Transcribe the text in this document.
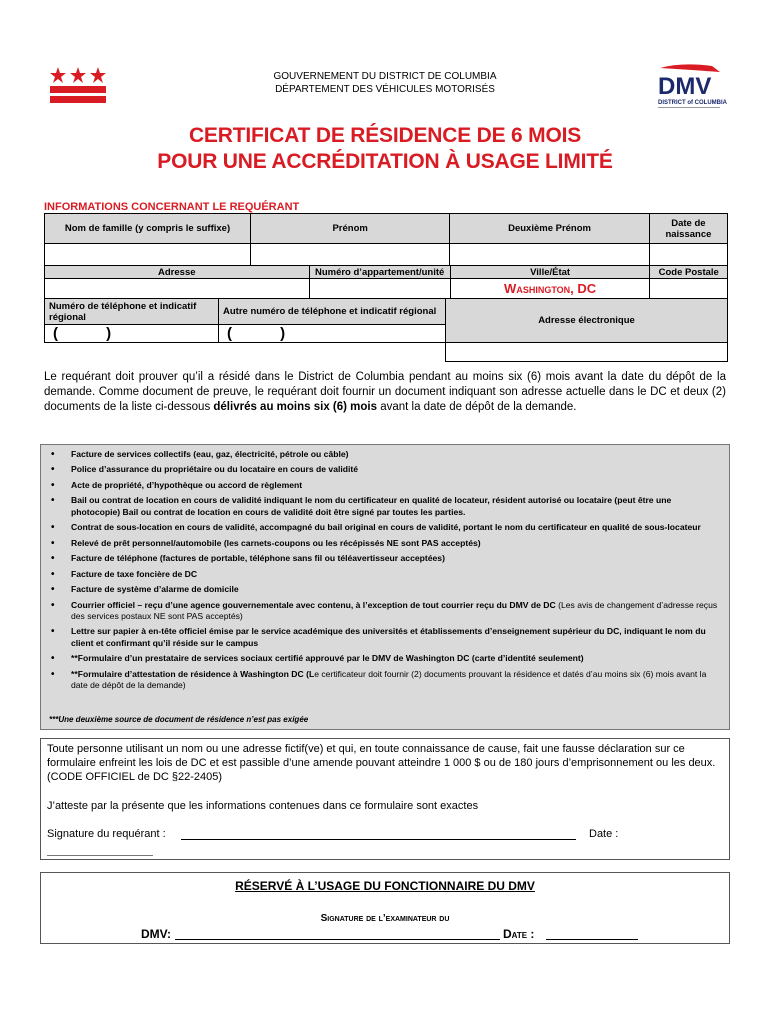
GOUVERNEMENT DU DISTRICT DE COLUMBIA
DÉPARTEMENT DES VÉHICULES MOTORISÉS	DMV
DISTRICT of COLUMBIA
CERTIFICAT DE RÉSIDENCE DE 6 MOIS
POUR UNE ACCRÉDITATION À USAGE LIMITÉ
INFORMATIONS CONCERNANT LE REQUÉRANT
Nom de famille (y compris le suffixe)	Prénom	Deuxième Prénom	Date de naissance

Adresse	Numéro d’appartement/unité	Ville/État	Code Postale
		Washington, DC	
Numéro de téléphone et indicatif régional	Autre numéro de téléphone et indicatif régional	Adresse électronique
( )	( )	

Le requérant doit prouver qu’il a résidé dans le District de Columbia pendant au moins six (6) mois avant la date du dépôt de la demande. Comme document de preuve, le requérant doit fournir un document indiquant son adresse actuelle dans le DC et deux (2) documents de la liste ci-dessous délivrés au moins six (6) mois avant la date de dépôt de la demande.
• Facture de services collectifs (eau, gaz, électricité, pétrole ou câble)
• Police d’assurance du propriétaire ou du locataire en cours de validité
• Acte de propriété, d’hypothèque ou accord de règlement
• Bail ou contrat de location en cours de validité indiquant le nom du certificateur en qualité de locateur, résident autorisé ou locataire (peut être une photocopie) Bail ou contrat de location en cours de validité doit être signé par toutes les parties.
• Contrat de sous-location en cours de validité, accompagné du bail original en cours de validité, portant le nom du certificateur en qualité de sous-locateur
• Relevé de prêt personnel/automobile (les carnets-coupons ou les récépissés NE sont PAS acceptés)
• Facture de téléphone (factures de portable, téléphone sans fil ou téléavertisseur acceptées)
• Facture de taxe foncière de DC
• Facture de système d’alarme de domicile
• Courrier officiel – reçu d’une agence gouvernementale avec contenu, à l’exception de tout courrier reçu du DMV de DC (Les avis de changement d’adresse reçus des services postaux NE sont PAS acceptés)
• Lettre sur papier à en-tête officiel émise par le service académique des universités et établissements d’enseignement supérieur du DC, indiquant le nom du client et confirmant qu’il réside sur le campus
• **Formulaire d’un prestataire de services sociaux certifié approuvé par le DMV de Washington DC (carte d’identité seulement)
• **Formulaire d’attestation de résidence à Washington DC (Le certificateur doit fournir (2) documents prouvant la résidence et datés d’au moins six (6) mois avant la date de dépôt de la demande)
***Une deuxième source de document de résidence n’est pas exigée

Toute personne utilisant un nom ou une adresse fictif(ve) et qui, en toute connaissance de cause, fait une fausse déclaration sur ce formulaire enfreint les lois de DC et est passible d’une amende pouvant atteindre 1 000 $ ou de 180 jours d’emprisonnement ou les deux. (CODE OFFICIEL de DC §22-2405)

J’atteste par la présente que les informations contenues dans ce formulaire sont exactes

Signature du requérant :	Date :

RÉSERVÉ À L’USAGE DU FONCTIONNAIRE DU DMV
Signature de l’examinateur du
DMV:	Date :
